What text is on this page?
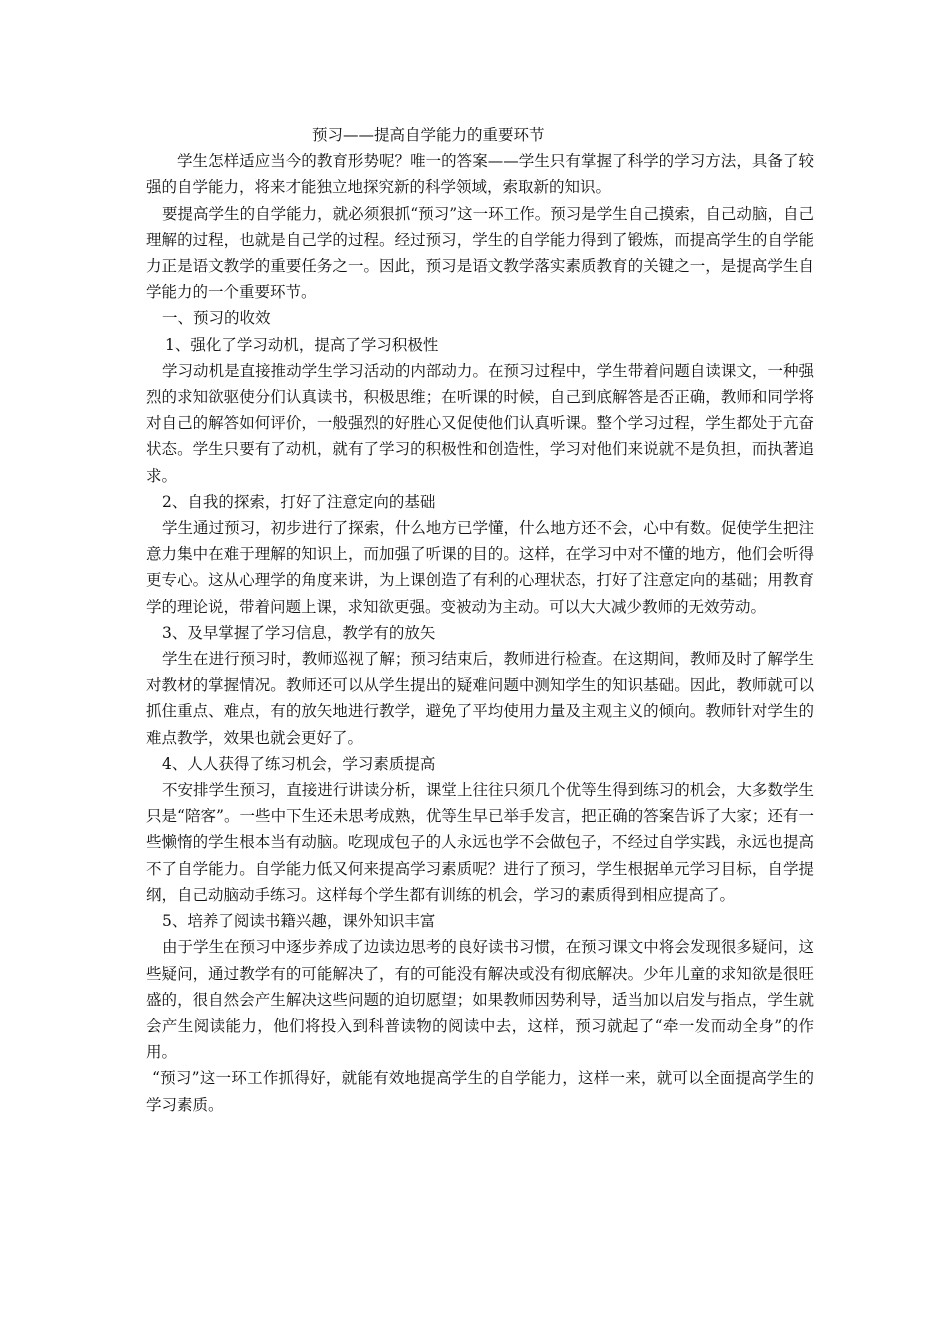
预习——提高自学能力的重要环节

学生怎样适应当今的教育形势呢？唯一的答案——学生只有掌握了科学的学习方法，具备了较强的自学能力，将来才能独立地探究新的科学领域，索取新的知识。

要提高学生的自学能力，就必须狠抓“预习”这一环工作。预习是学生自己摸索，自己动脑，自己理解的过程，也就是自己学的过程。经过预习，学生的自学能力得到了锻炼，而提高学生的自学能力正是语文教学的重要任务之一。因此，预习是语文教学落实素质教育的关键之一，是提高学生自学能力的一个重要环节。

一、预习的收效

1、强化了学习动机，提高了学习积极性

学习动机是直接推动学生学习活动的内部动力。在预习过程中，学生带着问题自读课文，一种强烈的求知欲驱使分们认真读书，积极思维；在听课的时候，自己到底解答是否正确，教师和同学将对自己的解答如何评价，一般强烈的好胜心又促使他们认真听课。整个学习过程，学生都处于亢奋状态。学生只要有了动机，就有了学习的积极性和创造性，学习对他们来说就不是负担，而执著追求。

2、自我的探索，打好了注意定向的基础

学生通过预习，初步进行了探索，什么地方已学懂，什么地方还不会，心中有数。促使学生把注意力集中在难于理解的知识上，而加强了听课的目的。这样，在学习中对不懂的地方，他们会听得更专心。这从心理学的角度来讲，为上课创造了有利的心理状态，打好了注意定向的基础；用教育学的理论说，带着问题上课，求知欲更强。变被动为主动。可以大大减少教师的无效劳动。

3、及早掌握了学习信息，教学有的放矢

学生在进行预习时，教师巡视了解；预习结束后，教师进行检查。在这期间，教师及时了解学生对教材的掌握情况。教师还可以从学生提出的疑难问题中测知学生的知识基础。因此，教师就可以抓住重点、难点，有的放矢地进行教学，避免了平均使用力量及主观主义的倾向。教师针对学生的难点教学，效果也就会更好了。

4、人人获得了练习机会，学习素质提高

不安排学生预习，直接进行讲读分析，课堂上往往只须几个优等生得到练习的机会，大多数学生只是“陪客”。一些中下生还未思考成熟，优等生早已举手发言，把正确的答案告诉了大家；还有一些懒惰的学生根本当有动脑。吃现成包子的人永远也学不会做包子，不经过自学实践，永远也提高不了自学能力。自学能力低又何来提高学习素质呢？进行了预习，学生根据单元学习目标，自学提纲，自己动脑动手练习。这样每个学生都有训练的机会，学习的素质得到相应提高了。

5、培养了阅读书籍兴趣，课外知识丰富

由于学生在预习中逐步养成了边读边思考的良好读书习惯，在预习课文中将会发现很多疑问，这些疑问，通过教学有的可能解决了，有的可能没有解决或没有彻底解决。少年儿童的求知欲是很旺盛的，很自然会产生解决这些问题的迫切愿望；如果教师因势利导，适当加以启发与指点，学生就会产生阅读能力，他们将投入到科普读物的阅读中去，这样，预习就起了“牵一发而动全身”的作用。

“预习”这一环工作抓得好，就能有效地提高学生的自学能力，这样一来，就可以全面提高学生的学习素质。
